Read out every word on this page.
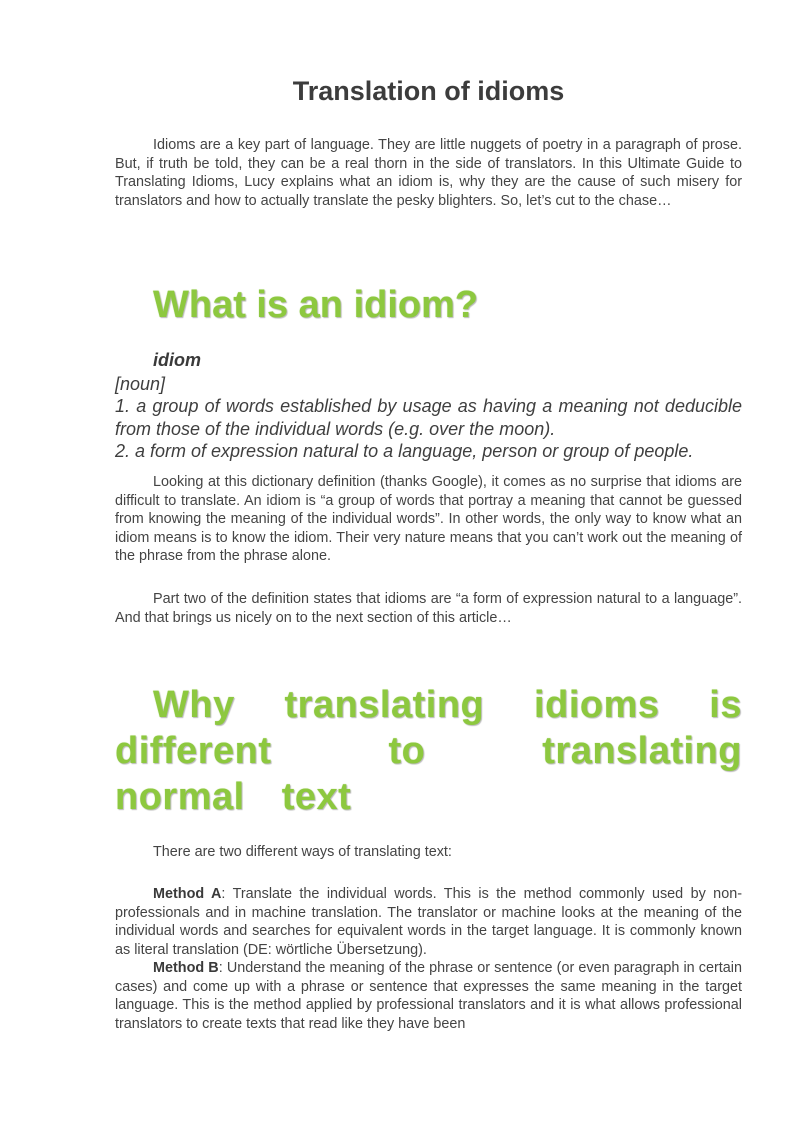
Translation of idioms

Idioms are a key part of language. They are little nuggets of poetry in a paragraph of prose. But, if truth be told, they can be a real thorn in the side of translators. In this Ultimate Guide to Translating Idioms, Lucy explains what an idiom is, why they are the cause of such misery for translators and how to actually translate the pesky blighters. So, let’s cut to the chase…

What is an idiom?

idiom

[noun]
1. a group of words established by usage as having a meaning not deducible from those of the individual words (e.g. over the moon).
2. a form of expression natural to a language, person or group of people.

Looking at this dictionary definition (thanks Google), it comes as no surprise that idioms are difficult to translate. An idiom is “a group of words that portray a meaning that cannot be guessed from knowing the meaning of the individual words”. In other words, the only way to know what an idiom means is to know the idiom. Their very nature means that you can’t work out the meaning of the phrase from the phrase alone.

Part two of the definition states that idioms are “a form of expression natural to a language”. And that brings us nicely on to the next section of this article…

Why translating idioms is different to translating normal text

There are two different ways of translating text:

Method A: Translate the individual words. This is the method commonly used by non-professionals and in machine translation. The translator or machine looks at the meaning of the individual words and searches for equivalent words in the target language. It is commonly known as literal translation (DE: wörtliche Übersetzung).

Method B: Understand the meaning of the phrase or sentence (or even paragraph in certain cases) and come up with a phrase or sentence that expresses the same meaning in the target language. This is the method applied by professional translators and it is what allows professional translators to create texts that read like they have been
